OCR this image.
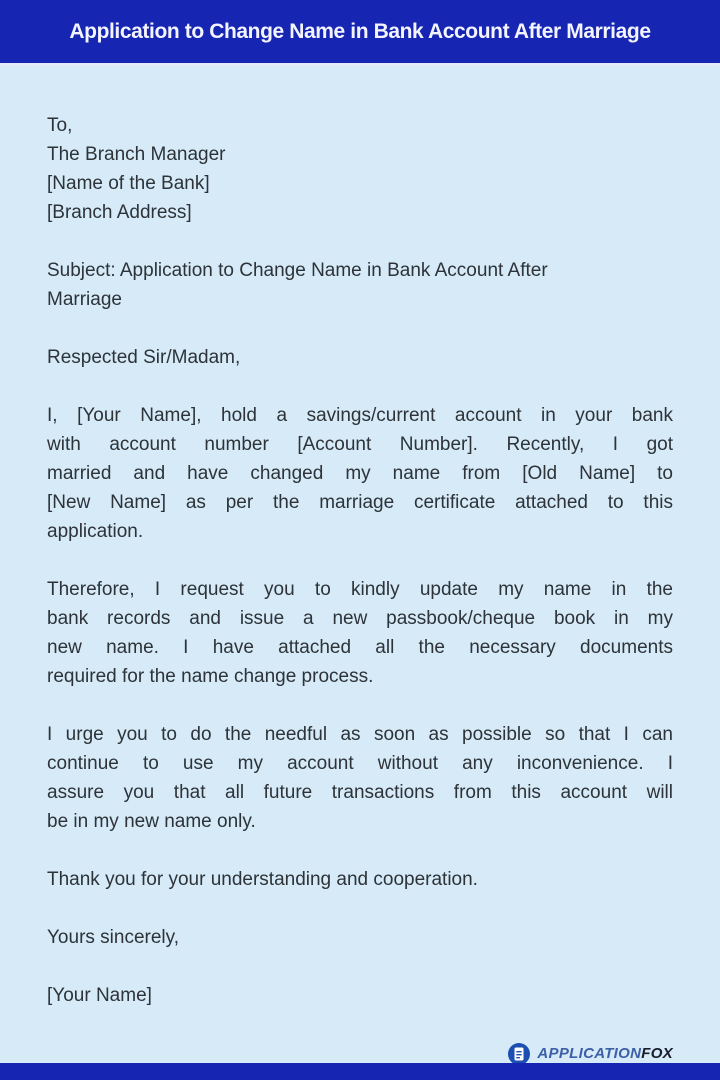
Application to Change Name in Bank Account After Marriage
To,
The Branch Manager
[Name of the Bank]
[Branch Address]
Subject: Application to Change Name in Bank Account After
Marriage
Respected Sir/Madam,
I, [Your Name], hold a savings/current account in your bank
with account number [Account Number]. Recently, I got
married and have changed my name from [Old Name] to
[New Name] as per the marriage certificate attached to this
application.
Therefore, I request you to kindly update my name in the
bank records and issue a new passbook/cheque book in my
new name. I have attached all the necessary documents
required for the name change process.
I urge you to do the needful as soon as possible so that I can
continue to use my account without any inconvenience. I
assure you that all future transactions from this account will
be in my new name only.
Thank you for your understanding and cooperation.
Yours sincerely,
[Your Name]
APPLICATIONFOX
